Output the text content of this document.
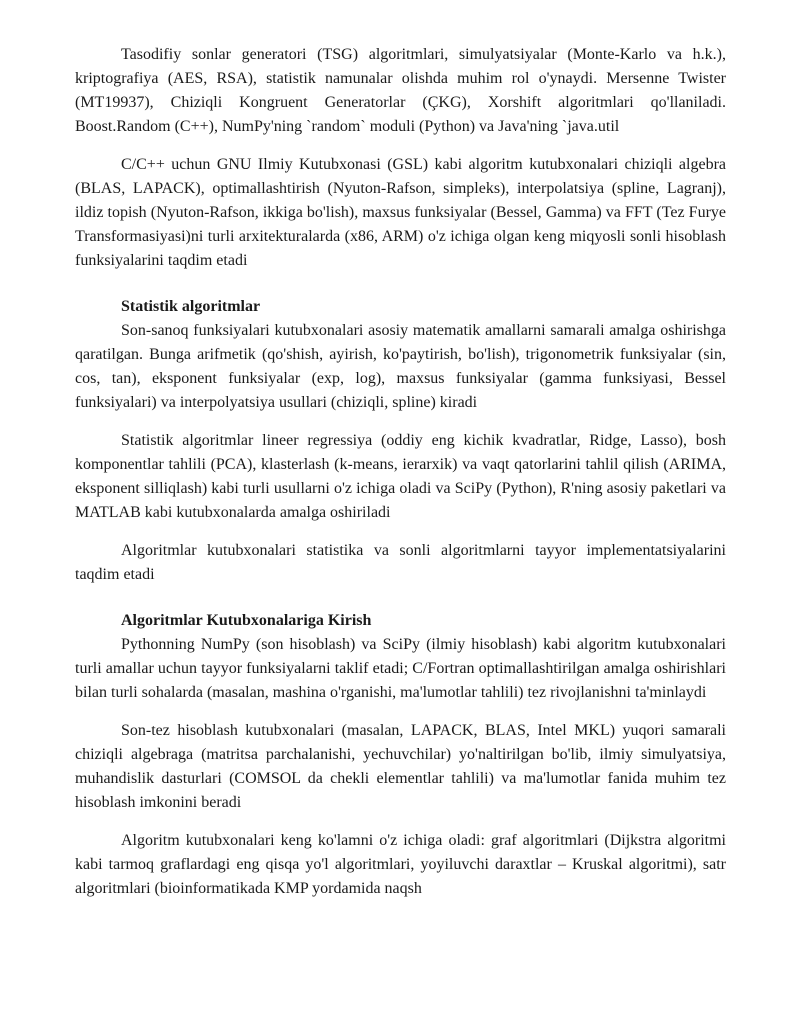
Tasodifiy sonlar generatori (TSG) algoritmlari, simulyatsiyalar (Monte-Karlo va h.k.), kriptografiya (AES, RSA), statistik namunalar olishda muhim rol o'ynaydi. Mersenne Twister (MT19937), Chiziqli Kongruent Generatorlar (ÇKG), Xorshift algoritmlari qo'llaniladi. Boost.Random (C++), NumPy'ning `random` moduli (Python) va Java'ning `java.util

C/C++ uchun GNU Ilmiy Kutubxonasi (GSL) kabi algoritm kutubxonalari chiziqli algebra (BLAS, LAPACK), optimallashtirish (Nyuton-Rafson, simpleks), interpolatsiya (spline, Lagranj), ildiz topish (Nyuton-Rafson, ikkiga bo'lish), maxsus funksiyalar (Bessel, Gamma) va FFT (Tez Furye Transformasiyasi)ni turli arxitekturalarda (x86, ARM) o'z ichiga olgan keng miqyosli sonli hisoblash funksiyalarini taqdim etadi

Statistik algoritmlar

Son-sanoq funksiyalari kutubxonalari asosiy matematik amallarni samarali amalga oshirishga qaratilgan. Bunga arifmetik (qo'shish, ayirish, ko'paytirish, bo'lish), trigonometrik funksiyalar (sin, cos, tan), eksponent funksiyalar (exp, log), maxsus funksiyalar (gamma funksiyasi, Bessel funksiyalari) va interpolyatsiya usullari (chiziqli, spline) kiradi

Statistik algoritmlar lineer regressiya (oddiy eng kichik kvadratlar, Ridge, Lasso), bosh komponentlar tahlili (PCA), klasterlash (k-means, ierarxik) va vaqt qatorlarini tahlil qilish (ARIMA, eksponent silliqlash) kabi turli usullarni o'z ichiga oladi va SciPy (Python), R'ning asosiy paketlari va MATLAB kabi kutubxonalarda amalga oshiriladi

Algoritmlar kutubxonalari statistika va sonli algoritmlarni tayyor implementatsiyalarini taqdim etadi

Algoritmlar Kutubxonalariga Kirish

Pythonning NumPy (son hisoblash) va SciPy (ilmiy hisoblash) kabi algoritm kutubxonalari turli amallar uchun tayyor funksiyalarni taklif etadi; C/Fortran optimallashtirilgan amalga oshirishlari bilan turli sohalarda (masalan, mashina o'rganishi, ma'lumotlar tahlili) tez rivojlanishni ta'minlaydi

Son-tez hisoblash kutubxonalari (masalan, LAPACK, BLAS, Intel MKL) yuqori samarali chiziqli algebraga (matritsa parchalanishi, yechuvchilar) yo'naltirilgan bo'lib, ilmiy simulyatsiya, muhandislik dasturlari (COMSOL da chekli elementlar tahlili) va ma'lumotlar fanida muhim tez hisoblash imkonini beradi

Algoritm kutubxonalari keng ko'lamni o'z ichiga oladi: graf algoritmlari (Dijkstra algoritmi kabi tarmoq graflardagi eng qisqa yo'l algoritmlari, yoyiluvchi daraxtlar – Kruskal algoritmi), satr algoritmlari (bioinformatikada KMP yordamida naqsh
